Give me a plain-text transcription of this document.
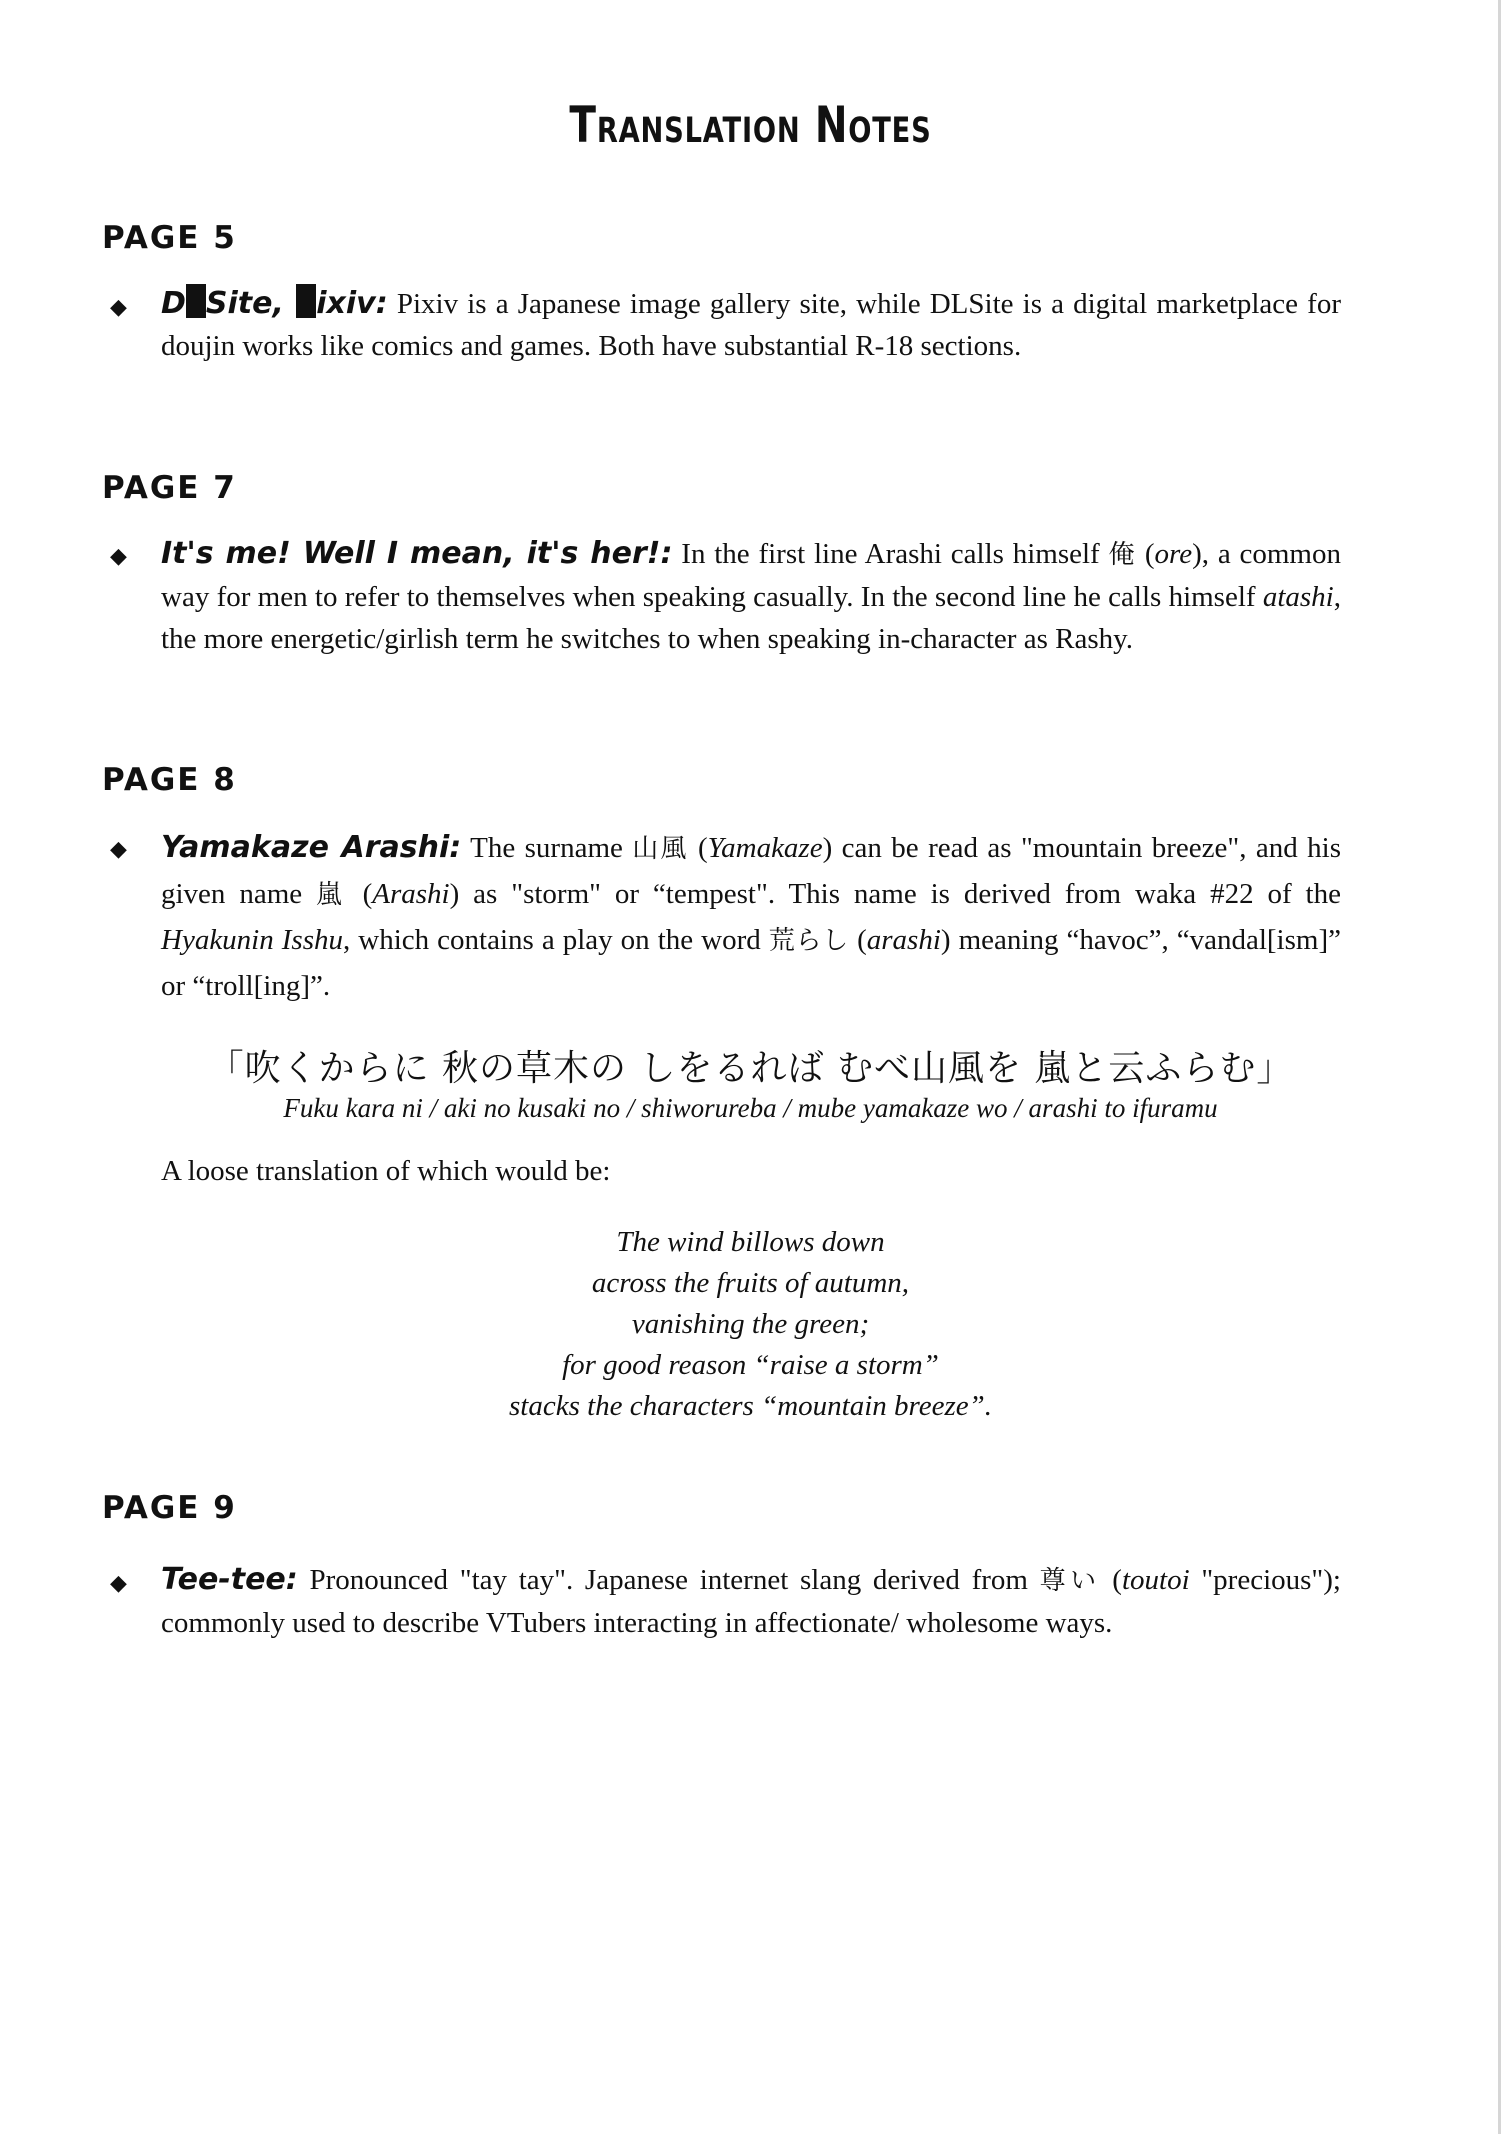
Translation Notes
PAGE 5
◆ D Site, ixiv: Pixiv is a Japanese image gallery site, while DLSite is a digital marketplace for doujin works like comics and games. Both have substantial R-18 sections.
PAGE 7
◆ It's me! Well I mean, it's her!: In the first line Arashi calls himself 俺 (ore), a common way for men to refer to themselves when speaking casually. In the second line he calls himself atashi, the more energetic/girlish term he switches to when speaking in-character as Rashy.
PAGE 8
◆ Yamakaze Arashi: The surname 山風 (Yamakaze) can be read as "mountain breeze", and his given name 嵐 (Arashi) as "storm" or “tempest". This name is derived from waka #22 of the Hyakunin Isshu, which contains a play on the word 荒らし (arashi) meaning “havoc”, “vandal[ism]” or “troll[ing]”.
「吹くからに 秋の草木の しをるれば むべ山風を 嵐と云ふらむ」
Fuku kara ni / aki no kusaki no / shiworureba / mube yamakaze wo / arashi to ifuramu
A loose translation of which would be:
The wind billows down
across the fruits of autumn,
vanishing the green;
for good reason “raise a storm”
stacks the characters “mountain breeze”.
PAGE 9
◆ Tee-tee: Pronounced "tay tay". Japanese internet slang derived from 尊い (toutoi "precious"); commonly used to describe VTubers interacting in affectionate/ wholesome ways.
